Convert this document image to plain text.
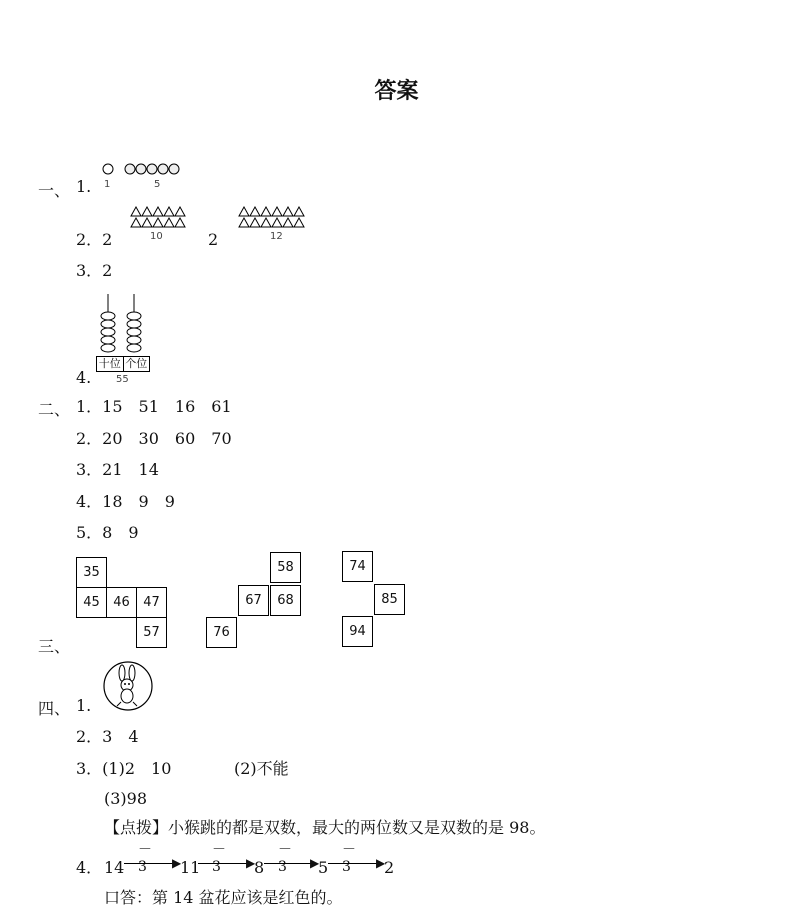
答案
一、 1. 1	5
2．2	10	2	12
3．2
4.
十位 个位
55
二、 1．15　51　16　61
2．20　30　60　70
3．21　14
4．18　9　9
5．8　9
三、
35
45	46	47
57
58
67	68
76
74
85
94
四、 1.
2．3　4
3．(1)2　10	(2)不能
(3)98
【点拨】小猴跳的都是双数，最大的两位数又是双数的是 98。
4． 14
－3	▶
11
－3	▶
8
－3	▶
5
－3	▶
2
口答：第 14 盆花应该是红色的。
